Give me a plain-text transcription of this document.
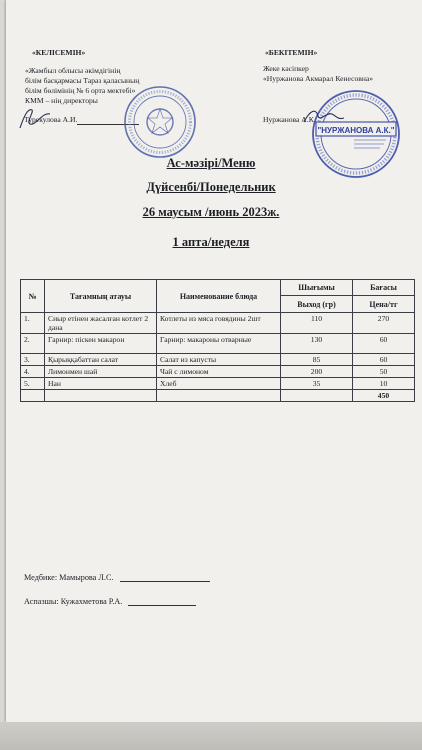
«КЕЛІСЕМІН»
«Жамбыл облысы әкімдігінің
білім басқармасы Тараз қаласының
білім бөлімінің № 6 орта мектебі»
КММ – нің директоры
Турекулова А.И.
«БЕКІТЕМІН»
Жеке кәсіпкер
«Нуржанова Акмарал Кенесовна»
Нуржанова А.К.
"НУРЖАНОВА А.К."
Ас-мәзірі/Меню
Дүйсенбі/Понедельник
26 маусым /июнь 2023ж.
1 апта/неделя
№	Тағамның атауы	Наименование блюда	Шығымы	Бағасы
			Выход (гр)	Цена/тг
1.	Сиыр етінен жасалған котлет 2 дана	Котлеты из мяса говядины 2шт	110	270
2.	Гарнир: піскен макарон	Гарнир: макароны отварные	130	60
3.	Қырыққабаттан салат	Салат из капусты	85	60
4.	Лимонмен шай	Чай с лимоном	200	50
5.	Нан	Хлеб	35	10
				450
Медбике: Мамырова Л.С.
Аспазшы: Кужахметова Р.А.
